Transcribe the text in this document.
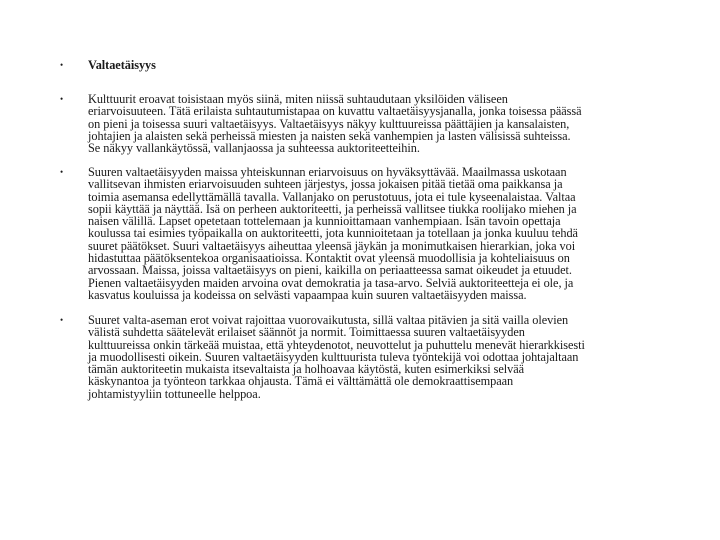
• Valtaetäisyys
• Kulttuurit eroavat toisistaan myös siinä, miten niissä suhtaudutaan yksilöiden väliseen
eriarvoisuuteen. Tätä erilaista suhtautumistapaa on kuvattu valtaetäisyysjanalla, jonka toisessa päässä
on pieni ja toisessa suuri valtaetäisyys. Valtaetäisyys näkyy kulttuureissa päättäjien ja kansalaisten,
johtajien ja alaisten sekä perheissä miesten ja naisten sekä vanhempien ja lasten välisissä suhteissa.
Se näkyy vallankäytössä, vallanjaossa ja suhteessa auktoriteetteihin.
• Suuren valtaetäisyyden maissa yhteiskunnan eriarvoisuus on hyväksyttävää. Maailmassa uskotaan
vallitsevan ihmisten eriarvoisuuden suhteen järjestys, jossa jokaisen pitää tietää oma paikkansa ja
toimia asemansa edellyttämällä tavalla. Vallanjako on perustotuus, jota ei tule kyseenalaistaa. Valtaa
sopii käyttää ja näyttää. Isä on perheen auktoriteetti, ja perheissä vallitsee tiukka roolijako miehen ja
naisen välillä. Lapset opetetaan tottelemaan ja kunnioittamaan vanhempiaan. Isän tavoin opettaja
koulussa tai esimies työpaikalla on auktoriteetti, jota kunnioitetaan ja totellaan ja jonka kuuluu tehdä
suuret päätökset. Suuri valtaetäisyys aiheuttaa yleensä jäykän ja monimutkaisen hierarkian, joka voi
hidastuttaa päätöksentekoa organisaatioissa. Kontaktit ovat yleensä muodollisia ja kohteliaisuus on
arvossaan. Maissa, joissa valtaetäisyys on pieni, kaikilla on periaatteessa samat oikeudet ja etuudet.
Pienen valtaetäisyyden maiden arvoina ovat demokratia ja tasa-arvo. Selviä auktoriteetteja ei ole, ja
kasvatus kouluissa ja kodeissa on selvästi vapaampaa kuin suuren valtaetäisyyden maissa.
• Suuret valta-aseman erot voivat rajoittaa vuorovaikutusta, sillä valtaa pitävien ja sitä vailla olevien
välistä suhdetta säätelevät erilaiset säännöt ja normit. Toimittaessa suuren valtaetäisyyden
kulttuureissa onkin tärkeää muistaa, että yhteydenotot, neuvottelut ja puhuttelu menevät hierarkkisesti
ja muodollisesti oikein. Suuren valtaetäisyyden kulttuurista tuleva työntekijä voi odottaa johtajaltaan
tämän auktoriteetin mukaista itsevaltaista ja holhoavaa käytöstä, kuten esimerkiksi selvää
käskynantoa ja työnteon tarkkaa ohjausta. Tämä ei välttämättä ole demokraattisempaan
johtamistyyliin tottuneelle helppoa.
